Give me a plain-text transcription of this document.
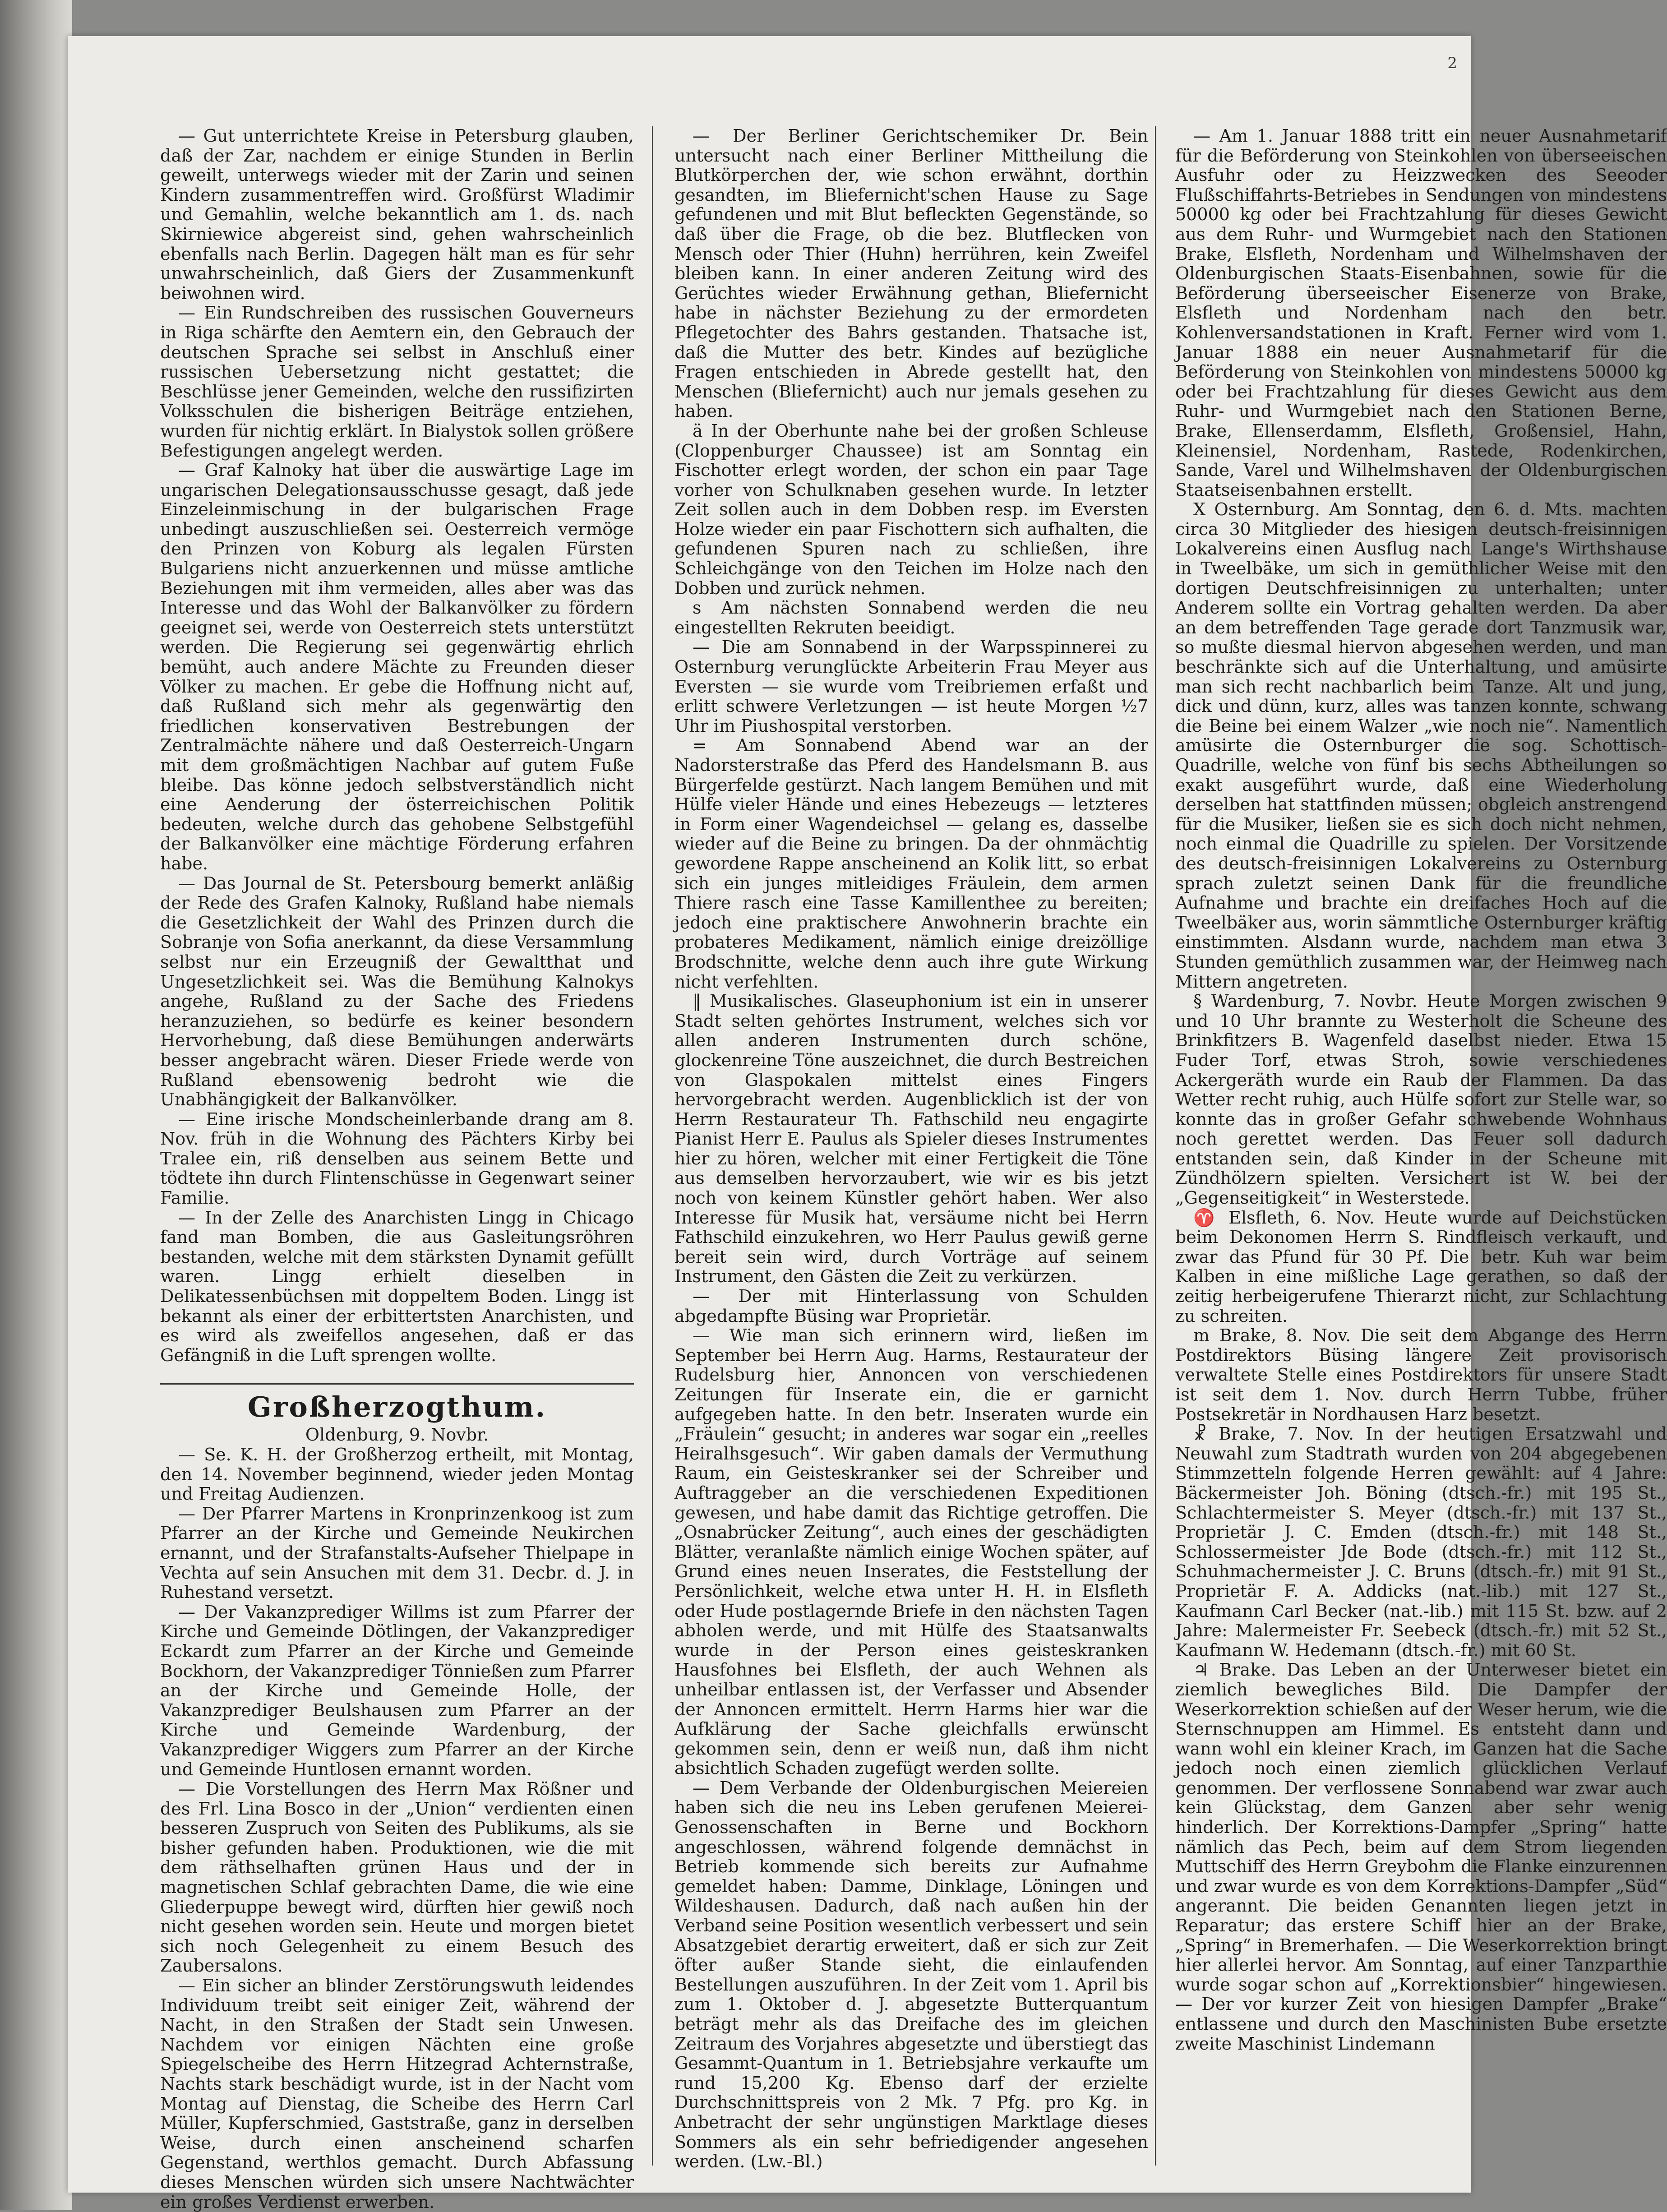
2

— Gut unterrichtete Kreise in Petersburg glauben, daß der Zar, nachdem er einige Stunden in Berlin geweilt, unterwegs wieder mit der Zarin und seinen Kindern zusammentreffen wird. Großfürst Wladimir und Gemahlin, welche bekanntlich am 1. ds. nach Skirniewice abgereist sind, gehen wahrscheinlich ebenfalls nach Berlin. Dagegen hält man es für sehr unwahrscheinlich, daß Giers der Zusammenkunft beiwohnen wird.

— Ein Rundschreiben des russischen Gouverneurs in Riga schärfte den Aemtern ein, den Gebrauch der deutschen Sprache sei selbst in Anschluß einer russischen Uebersetzung nicht gestattet; die Beschlüsse jener Gemeinden, welche den russifizirten Volksschulen die bisherigen Beiträge entziehen, wurden für nichtig erklärt. In Bialystok sollen größere Befestigungen angelegt werden.

— Graf Kalnoky hat über die auswärtige Lage im ungarischen Delegationsausschusse gesagt, daß jede Einzeleinmischung in der bulgarischen Frage unbedingt auszuschließen sei. Oesterreich vermöge den Prinzen von Koburg als legalen Fürsten Bulgariens nicht anzuerkennen und müsse amtliche Beziehungen mit ihm vermeiden, alles aber was das Interesse und das Wohl der Balkanvölker zu fördern geeignet sei, werde von Oesterreich stets unterstützt werden. Die Regierung sei gegenwärtig ehrlich bemüht, auch andere Mächte zu Freunden dieser Völker zu machen. Er gebe die Hoffnung nicht auf, daß Rußland sich mehr als gegenwärtig den friedlichen konservativen Bestrebungen der Zentralmächte nähere und daß Oesterreich-Ungarn mit dem großmächtigen Nachbar auf gutem Fuße bleibe. Das könne jedoch selbstverständlich nicht eine Aenderung der österreichischen Politik bedeuten, welche durch das gehobene Selbstgefühl der Balkanvölker eine mächtige Förderung erfahren habe.

— Das Journal de St. Petersbourg bemerkt anläßig der Rede des Grafen Kalnoky, Rußland habe niemals die Gesetzlichkeit der Wahl des Prinzen durch die Sobranje von Sofia anerkannt, da diese Versammlung selbst nur ein Erzeugniß der Gewaltthat und Ungesetzlichkeit sei. Was die Bemühung Kalnokys angehe, Rußland zu der Sache des Friedens heranzuziehen, so bedürfe es keiner besondern Hervorhebung, daß diese Bemühungen anderwärts besser angebracht wären. Dieser Friede werde von Rußland ebensowenig bedroht wie die Unabhängigkeit der Balkanvölker.

— Eine irische Mondscheinlerbande drang am 8. Nov. früh in die Wohnung des Pächters Kirby bei Tralee ein, riß denselben aus seinem Bette und tödtete ihn durch Flintenschüsse in Gegenwart seiner Familie.

— In der Zelle des Anarchisten Lingg in Chicago fand man Bomben, die aus Gasleitungsröhren bestanden, welche mit dem stärksten Dynamit gefüllt waren. Lingg erhielt dieselben in Delikatessenbüchsen mit doppeltem Boden. Lingg ist bekannt als einer der erbittertsten Anarchisten, und es wird als zweifellos angesehen, daß er das Gefängniß in die Luft sprengen wollte.

Großherzogthum.

Oldenburg, 9. Novbr.

— Se. K. H. der Großherzog ertheilt, mit Montag, den 14. November beginnend, wieder jeden Montag und Freitag Audienzen.

— Der Pfarrer Martens in Kronprinzenkoog ist zum Pfarrer an der Kirche und Gemeinde Neukirchen ernannt, und der Strafanstalts-Aufseher Thielpape in Vechta auf sein Ansuchen mit dem 31. Decbr. d. J. in Ruhestand versetzt.

— Der Vakanzprediger Willms ist zum Pfarrer der Kirche und Gemeinde Dötlingen, der Vakanzprediger Eckardt zum Pfarrer an der Kirche und Gemeinde Bockhorn, der Vakanzprediger Tönnießen zum Pfarrer an der Kirche und Gemeinde Holle, der Vakanzprediger Beulshausen zum Pfarrer an der Kirche und Gemeinde Wardenburg, der Vakanzprediger Wiggers zum Pfarrer an der Kirche und Gemeinde Huntlosen ernannt worden.

— Die Vorstellungen des Herrn Max Rößner und des Frl. Lina Bosco in der „Union“ verdienten einen besseren Zuspruch von Seiten des Publikums, als sie bisher gefunden haben. Produktionen, wie die mit dem räthselhaften grünen Haus und der in magnetischen Schlaf gebrachten Dame, die wie eine Gliederpuppe bewegt wird, dürften hier gewiß noch nicht gesehen worden sein. Heute und morgen bietet sich noch Gelegenheit zu einem Besuch des Zaubersalons.

— Ein sicher an blinder Zerstörungswuth leidendes Individuum treibt seit einiger Zeit, während der Nacht, in den Straßen der Stadt sein Unwesen. Nachdem vor einigen Nächten eine große Spiegelscheibe des Herrn Hitzegrad Achternstraße, Nachts stark beschädigt wurde, ist in der Nacht vom Montag auf Dienstag, die Scheibe des Herrn Carl Müller, Kupferschmied, Gaststraße, ganz in derselben Weise, durch einen anscheinend scharfen Gegenstand, werthlos gemacht. Durch Abfassung dieses Menschen würden sich unsere Nachtwächter ein großes Verdienst erwerben.

— Der Berliner Gerichtschemiker Dr. Bein untersucht nach einer Berliner Mittheilung die Blutkörperchen der, wie schon erwähnt, dorthin gesandten, im Bliefernicht'schen Hause zu Sage gefundenen und mit Blut befleckten Gegenstände, so daß über die Frage, ob die bez. Blutflecken von Mensch oder Thier (Huhn) herrühren, kein Zweifel bleiben kann. In einer anderen Zeitung wird des Gerüchtes wieder Erwähnung gethan, Bliefernicht habe in nächster Beziehung zu der ermordeten Pflegetochter des Bahrs gestanden. Thatsache ist, daß die Mutter des betr. Kindes auf bezügliche Fragen entschieden in Abrede gestellt hat, den Menschen (Bliefernicht) auch nur jemals gesehen zu haben.

ä In der Oberhunte nahe bei der großen Schleuse (Cloppenburger Chaussee) ist am Sonntag ein Fischotter erlegt worden, der schon ein paar Tage vorher von Schulknaben gesehen wurde. In letzter Zeit sollen auch in dem Dobben resp. im Eversten Holze wieder ein paar Fischottern sich aufhalten, die gefundenen Spuren nach zu schließen, ihre Schleichgänge von den Teichen im Holze nach den Dobben und zurück nehmen.

s Am nächsten Sonnabend werden die neu eingestellten Rekruten beeidigt.

— Die am Sonnabend in der Warpsspinnerei zu Osternburg verunglückte Arbeiterin Frau Meyer aus Eversten — sie wurde vom Treibriemen erfaßt und erlitt schwere Verletzungen — ist heute Morgen ½7 Uhr im Piushospital verstorben.

= Am Sonnabend Abend war an der Nadorsterstraße das Pferd des Handelsmann B. aus Bürgerfelde gestürzt. Nach langem Bemühen und mit Hülfe vieler Hände und eines Hebezeugs — letzteres in Form einer Wagendeichsel — gelang es, dasselbe wieder auf die Beine zu bringen. Da der ohnmächtig gewordene Rappe anscheinend an Kolik litt, so erbat sich ein junges mitleidiges Fräulein, dem armen Thiere rasch eine Tasse Kamillenthee zu bereiten; jedoch eine praktischere Anwohnerin brachte ein probateres Medikament, nämlich einige dreizöllige Brodschnitte, welche denn auch ihre gute Wirkung nicht verfehlten.

‖ Musikalisches. Glaseuphonium ist ein in unserer Stadt selten gehörtes Instrument, welches sich vor allen anderen Instrumenten durch schöne, glockenreine Töne auszeichnet, die durch Bestreichen von Glaspokalen mittelst eines Fingers hervorgebracht werden. Augenblicklich ist der von Herrn Restaurateur Th. Fathschild neu engagirte Pianist Herr E. Paulus als Spieler dieses Instrumentes hier zu hören, welcher mit einer Fertigkeit die Töne aus demselben hervorzaubert, wie wir es bis jetzt noch von keinem Künstler gehört haben. Wer also Interesse für Musik hat, versäume nicht bei Herrn Fathschild einzukehren, wo Herr Paulus gewiß gerne bereit sein wird, durch Vorträge auf seinem Instrument, den Gästen die Zeit zu verkürzen.

— Der mit Hinterlassung von Schulden abgedampfte Büsing war Proprietär.

— Wie man sich erinnern wird, ließen im September bei Herrn Aug. Harms, Restaurateur der Rudelsburg hier, Annoncen von verschiedenen Zeitungen für Inserate ein, die er garnicht aufgegeben hatte. In den betr. Inseraten wurde ein „Fräulein“ gesucht; in anderes war sogar ein „reelles Heiralhsgesuch“. Wir gaben damals der Vermuthung Raum, ein Geisteskranker sei der Schreiber und Auftraggeber an die verschiedenen Expeditionen gewesen, und habe damit das Richtige getroffen. Die „Osnabrücker Zeitung“, auch eines der geschädigten Blätter, veranlaßte nämlich einige Wochen später, auf Grund eines neuen Inserates, die Feststellung der Persönlichkeit, welche etwa unter H. H. in Elsfleth oder Hude postlagernde Briefe in den nächsten Tagen abholen werde, und mit Hülfe des Staatsanwalts wurde in der Person eines geisteskranken Hausfohnes bei Elsfleth, der auch Wehnen als unheilbar entlassen ist, der Verfasser und Absender der Annoncen ermittelt. Herrn Harms hier war die Aufklärung der Sache gleichfalls erwünscht gekommen sein, denn er weiß nun, daß ihm nicht absichtlich Schaden zugefügt werden sollte.

— Dem Verbande der Oldenburgischen Meiereien haben sich die neu ins Leben gerufenen Meierei-Genossenschaften in Berne und Bockhorn angeschlossen, während folgende demnächst in Betrieb kommende sich bereits zur Aufnahme gemeldet haben: Damme, Dinklage, Löningen und Wildeshausen. Dadurch, daß nach außen hin der Verband seine Position wesentlich verbessert und sein Absatzgebiet derartig erweitert, daß er sich zur Zeit öfter außer Stande sieht, die einlaufenden Bestellungen auszuführen. In der Zeit vom 1. April bis zum 1. Oktober d. J. abgesetzte Butterquantum beträgt mehr als das Dreifache des im gleichen Zeitraum des Vorjahres abgesetzte und überstiegt das Gesammt-Quantum in 1. Betriebsjahre verkaufte um rund 15,200 Kg. Ebenso darf der erzielte Durchschnittspreis von 2 Mk. 7 Pfg. pro Kg. in Anbetracht der sehr ungünstigen Marktlage dieses Sommers als ein sehr befriedigender angesehen werden. (Lw.-Bl.)

— Am 1. Januar 1888 tritt ein neuer Ausnahmetarif für die Beförderung von Steinkohlen von überseeischen Ausfuhr oder zu Heizzwecken des Seeoder Flußschiffahrts-Betriebes in Sendungen von mindestens 50000 kg oder bei Frachtzahlung für dieses Gewicht aus dem Ruhr- und Wurmgebiet nach den Stationen Brake, Elsfleth, Nordenham und Wilhelmshaven der Oldenburgischen Staats-Eisenbahnen, sowie für die Beförderung überseeischer Eisenerze von Brake, Elsfleth und Nordenham nach den betr. Kohlenversandstationen in Kraft. Ferner wird vom 1. Januar 1888 ein neuer Ausnahmetarif für die Beförderung von Steinkohlen von mindestens 50000 kg oder bei Frachtzahlung für dieses Gewicht aus dem Ruhr- und Wurmgebiet nach den Stationen Berne, Brake, Ellenserdamm, Elsfleth, Großensiel, Hahn, Kleinensiel, Nordenham, Rastede, Rodenkirchen, Sande, Varel und Wilhelmshaven der Oldenburgischen Staatseisenbahnen erstellt.

X Osternburg. Am Sonntag, den 6. d. Mts. machten circa 30 Mitglieder des hiesigen deutsch-freisinnigen Lokalvereins einen Ausflug nach Lange's Wirthshause in Tweelbäke, um sich in gemüthlicher Weise mit den dortigen Deutschfreisinnigen zu unterhalten; unter Anderem sollte ein Vortrag gehalten werden. Da aber an dem betreffenden Tage gerade dort Tanzmusik war, so mußte diesmal hiervon abgesehen werden, und man beschränkte sich auf die Unterhaltung, und amüsirte man sich recht nachbarlich beim Tanze. Alt und jung, dick und dünn, kurz, alles was tanzen konnte, schwang die Beine bei einem Walzer „wie noch nie“. Namentlich amüsirte die Osternburger die sog. Schottisch-Quadrille, welche von fünf bis sechs Abtheilungen so exakt ausgeführt wurde, daß eine Wiederholung derselben hat stattfinden müssen; obgleich anstrengend für die Musiker, ließen sie es sich doch nicht nehmen, noch einmal die Quadrille zu spielen. Der Vorsitzende des deutsch-freisinnigen Lokalvereins zu Osternburg sprach zuletzt seinen Dank für die freundliche Aufnahme und brachte ein dreifaches Hoch auf die Tweelbäker aus, worin sämmtliche Osternburger kräftig einstimmten. Alsdann wurde, nachdem man etwa 3 Stunden gemüthlich zusammen war, der Heimweg nach Mittern angetreten.

§ Wardenburg, 7. Novbr. Heute Morgen zwischen 9 und 10 Uhr brannte zu Westerholt die Scheune des Brinkfitzers B. Wagenfeld daselbst nieder. Etwa 15 Fuder Torf, etwas Stroh, sowie verschiedenes Ackergeräth wurde ein Raub der Flammen. Da das Wetter recht ruhig, auch Hülfe sofort zur Stelle war, so konnte das in großer Gefahr schwebende Wohnhaus noch gerettet werden. Das Feuer soll dadurch entstanden sein, daß Kinder in der Scheune mit Zündhölzern spielten. Versichert ist W. bei der „Gegenseitigkeit“ in Westerstede.

♈ Elsfleth, 6. Nov. Heute wurde auf Deichstücken beim Dekonomen Herrn S. Rindfleisch verkauft, und zwar das Pfund für 30 Pf. Die betr. Kuh war beim Kalben in eine mißliche Lage gerathen, so daß der zeitig herbeigerufene Thierarzt nicht, zur Schlachtung zu schreiten.

m Brake, 8. Nov. Die seit dem Abgange des Herrn Postdirektors Büsing längere Zeit provisorisch verwaltete Stelle eines Postdirektors für unsere Stadt ist seit dem 1. Nov. durch Herrn Tubbe, früher Postsekretär in Nordhausen Harz besetzt.

☧ Brake, 7. Nov. In der heutigen Ersatzwahl und Neuwahl zum Stadtrath wurden von 204 abgegebenen Stimmzetteln folgende Herren gewählt: auf 4 Jahre: Bäckermeister Joh. Böning (dtsch.-fr.) mit 195 St., Schlachtermeister S. Meyer (dtsch.-fr.) mit 137 St., Proprietär J. C. Emden (dtsch.-fr.) mit 148 St., Schlossermeister Jde Bode (dtsch.-fr.) mit 112 St., Schuhmachermeister J. C. Bruns (dtsch.-fr.) mit 91 St., Proprietär F. A. Addicks (nat.-lib.) mit 127 St., Kaufmann Carl Becker (nat.-lib.) mit 115 St. bzw. auf 2 Jahre: Malermeister Fr. Seebeck (dtsch.-fr.) mit 52 St., Kaufmann W. Hedemann (dtsch.-fr.) mit 60 St.

♃ Brake. Das Leben an der Unterweser bietet ein ziemlich bewegliches Bild. Die Dampfer der Weserkorrektion schießen auf der Weser herum, wie die Sternschnuppen am Himmel. Es entsteht dann und wann wohl ein kleiner Krach, im Ganzen hat die Sache jedoch noch einen ziemlich glücklichen Verlauf genommen. Der verflossene Sonnabend war zwar auch kein Glückstag, dem Ganzen aber sehr wenig hinderlich. Der Korrektions-Dampfer „Spring“ hatte nämlich das Pech, beim auf dem Strom liegenden Muttschiff des Herrn Greybohm die Flanke einzurennen und zwar wurde es von dem Korrektions-Dampfer „Süd“ angerannt. Die beiden Genannten liegen jetzt in Reparatur; das erstere Schiff hier an der Brake, „Spring“ in Bremerhafen. — Die Weserkorrektion bringt hier allerlei hervor. Am Sonntag, auf einer Tanzparthie wurde sogar schon auf „Korrektionsbier“ hingewiesen. — Der vor kurzer Zeit von hiesigen Dampfer „Brake“ entlassene und durch den Maschinisten Bube ersetzte zweite Maschinist Lindemann
